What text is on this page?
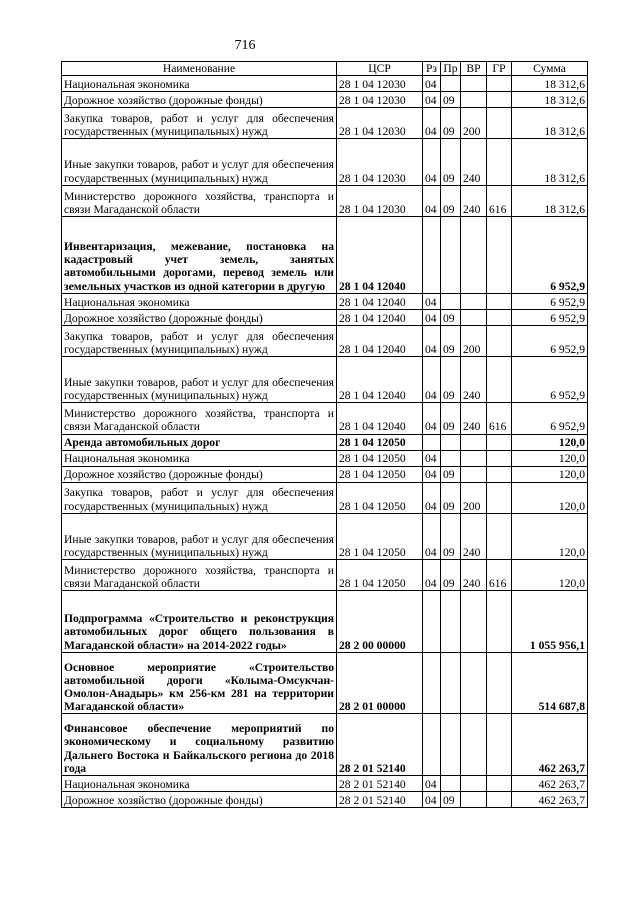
716
Наименование	ЦСР	Рз	Пр	ВР	ГР	Сумма
Национальная экономика	28 1 04 12030	04				18 312,6
Дорожное хозяйство (дорожные фонды)	28 1 04 12030	04	09			18 312,6
Закупка товаров, работ и услуг для обеспечения государственных (муниципальных) нужд	28 1 04 12030	04	09	200		18 312,6
Иные закупки товаров, работ и услуг для обеспечения государственных (муниципальных) нужд	28 1 04 12030	04	09	240		18 312,6
Министерство дорожного хозяйства, транспорта и связи Магаданской области	28 1 04 12030	04	09	240	616	18 312,6
Инвентаризация, межевание, постановка на кадастровый учет земель, занятых автомобильными дорогами, перевод земель или земельных участков из одной категории в другую	28 1 04 12040					6 952,9
Национальная экономика	28 1 04 12040	04				6 952,9
Дорожное хозяйство (дорожные фонды)	28 1 04 12040	04	09			6 952,9
Закупка товаров, работ и услуг для обеспечения государственных (муниципальных) нужд	28 1 04 12040	04	09	200		6 952,9
Иные закупки товаров, работ и услуг для обеспечения государственных (муниципальных) нужд	28 1 04 12040	04	09	240		6 952,9
Министерство дорожного хозяйства, транспорта и связи Магаданской области	28 1 04 12040	04	09	240	616	6 952,9
Аренда автомобильных дорог	28 1 04 12050					120,0
Национальная экономика	28 1 04 12050	04				120,0
Дорожное хозяйство (дорожные фонды)	28 1 04 12050	04	09			120,0
Закупка товаров, работ и услуг для обеспечения государственных (муниципальных) нужд	28 1 04 12050	04	09	200		120,0
Иные закупки товаров, работ и услуг для обеспечения государственных (муниципальных) нужд	28 1 04 12050	04	09	240		120,0
Министерство дорожного хозяйства, транспорта и связи Магаданской области	28 1 04 12050	04	09	240	616	120,0
Подпрограмма «Строительство и реконструкция автомобильных дорог общего пользования в Магаданской области» на 2014-2022 годы»	28 2 00 00000					1 055 956,1
Основное мероприятие «Строительство автомобильной дороги «Колыма-Омсукчан-Омолон-Анадырь» км 256-км 281 на территории Магаданской области»	28 2 01 00000					514 687,8
Финансовое обеспечение мероприятий по экономическому и социальному развитию Дальнего Востока и Байкальского региона до 2018 года	28 2 01 52140					462 263,7
Национальная экономика	28 2 01 52140	04				462 263,7
Дорожное хозяйство (дорожные фонды)	28 2 01 52140	04	09			462 263,7
